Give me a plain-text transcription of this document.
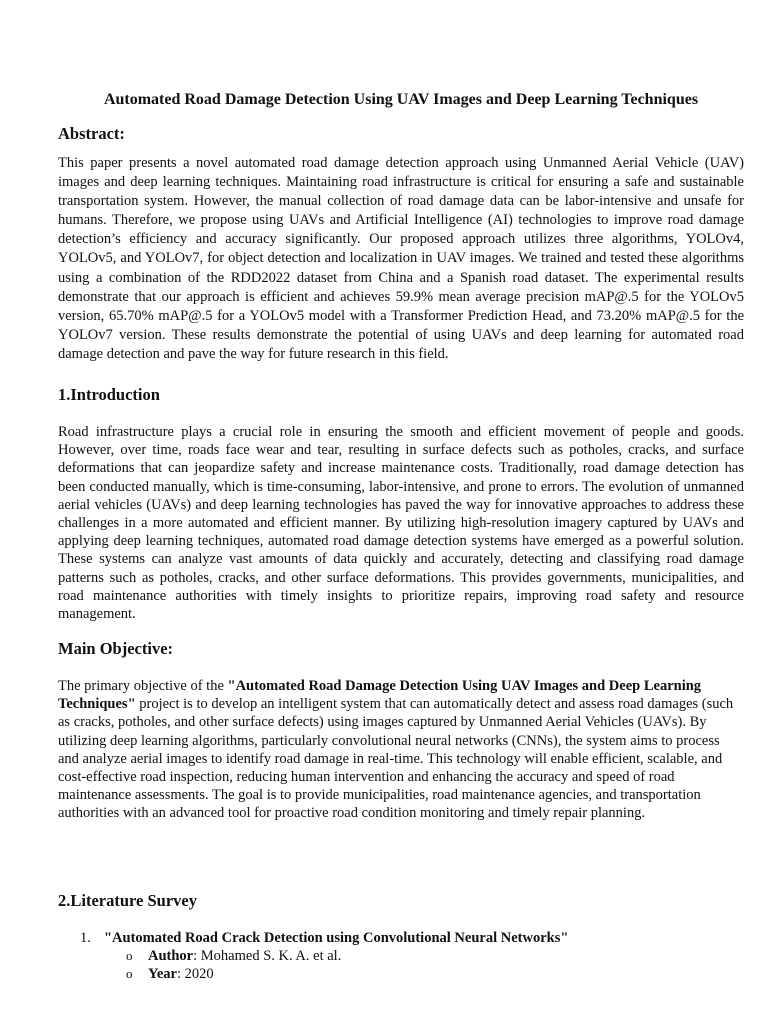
Automated Road Damage Detection Using UAV Images and Deep Learning Techniques
Abstract:

This paper presents a novel automated road damage detection approach using Unmanned Aerial Vehicle (UAV) images and deep learning techniques. Maintaining road infrastructure is critical for ensuring a safe and sustainable transportation system. However, the manual collection of road damage data can be labor-intensive and unsafe for humans. Therefore, we propose using UAVs and Artificial Intelligence (AI) technologies to improve road damage detection’s efficiency and accuracy significantly. Our proposed approach utilizes three algorithms, YOLOv4, YOLOv5, and YOLOv7, for object detection and localization in UAV images. We trained and tested these algorithms using a combination of the RDD2022 dataset from China and a Spanish road dataset. The experimental results demonstrate that our approach is efficient and achieves 59.9% mean average precision mAP@.5 for the YOLOv5 version, 65.70% mAP@.5 for a YOLOv5 model with a Transformer Prediction Head, and 73.20% mAP@.5 for the YOLOv7 version. These results demonstrate the potential of using UAVs and deep learning for automated road damage detection and pave the way for future research in this field.

1.Introduction

Road infrastructure plays a crucial role in ensuring the smooth and efficient movement of people and goods. However, over time, roads face wear and tear, resulting in surface defects such as potholes, cracks, and surface deformations that can jeopardize safety and increase maintenance costs. Traditionally, road damage detection has been conducted manually, which is time-consuming, labor-intensive, and prone to errors. The evolution of unmanned aerial vehicles (UAVs) and deep learning technologies has paved the way for innovative approaches to address these challenges in a more automated and efficient manner. By utilizing high-resolution imagery captured by UAVs and applying deep learning techniques, automated road damage detection systems have emerged as a powerful solution. These systems can analyze vast amounts of data quickly and accurately, detecting and classifying road damage patterns such as potholes, cracks, and other surface deformations. This provides governments, municipalities, and road maintenance authorities with timely insights to prioritize repairs, improving road safety and resource management.

Main Objective:

The primary objective of the "Automated Road Damage Detection Using UAV Images and Deep Learning Techniques" project is to develop an intelligent system that can automatically detect and assess road damages (such as cracks, potholes, and other surface defects) using images captured by Unmanned Aerial Vehicles (UAVs). By utilizing deep learning algorithms, particularly convolutional neural networks (CNNs), the system aims to process and analyze aerial images to identify road damage in real-time. This technology will enable efficient, scalable, and cost-effective road inspection, reducing human intervention and enhancing the accuracy and speed of road maintenance assessments. The goal is to provide municipalities, road maintenance agencies, and transportation authorities with an advanced tool for proactive road condition monitoring and timely repair planning.

2.Literature Survey
1. "Automated Road Crack Detection using Convolutional Neural Networks"
o Author: Mohamed S. K. A. et al.
o Year: 2020
